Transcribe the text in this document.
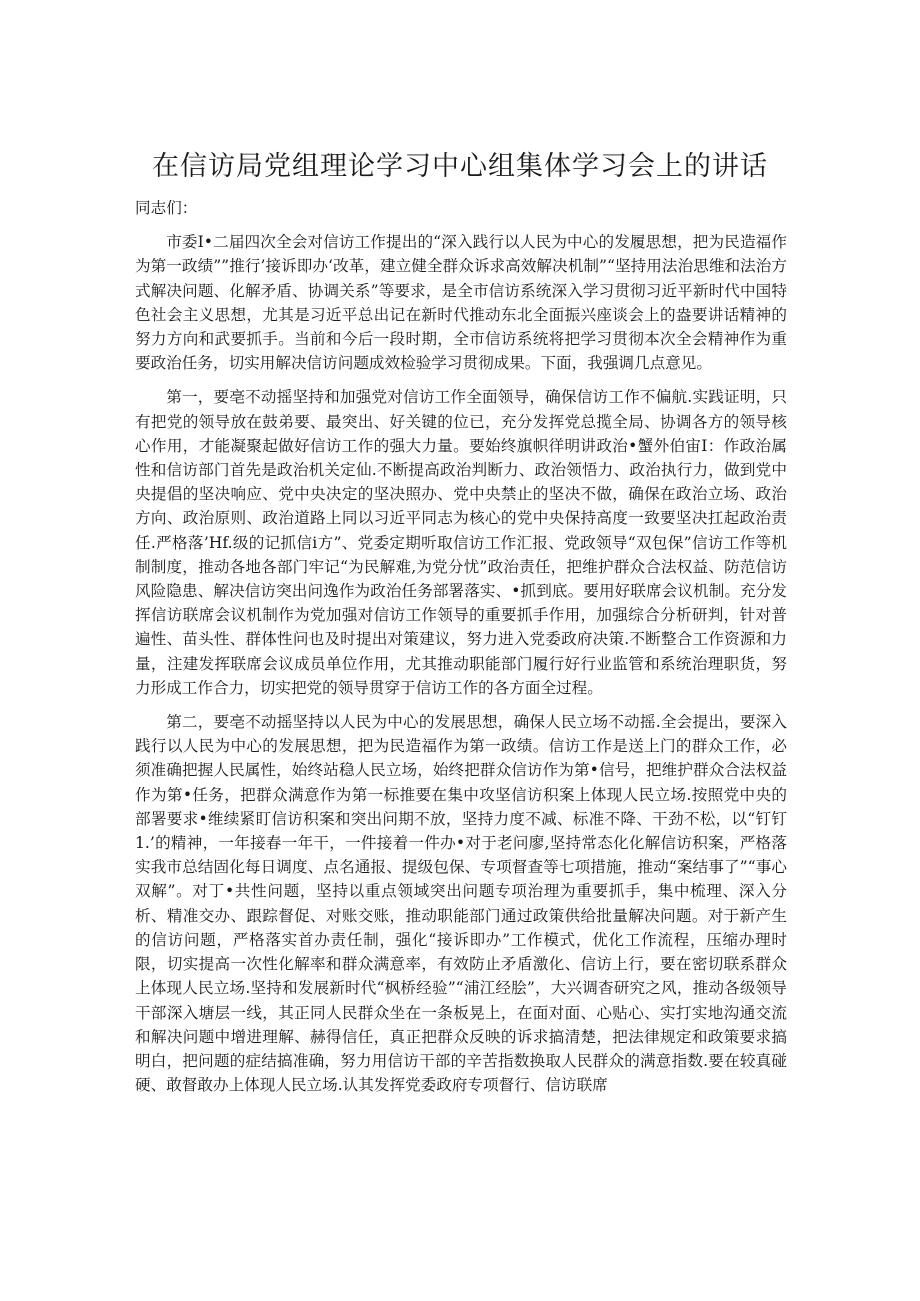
在信访局党组理论学习中心组集体学习会上的讲话

同志们：

市委I•二届四次全会对信访工作提出的“深入践行以人民为中心的发履思想，把为民造福作为第一政绩””推行’接诉即办‘改革，建立健全群众诉求高效解决机制”“坚持用法治思维和法治方式解决问题、化解矛盾、协调关系”等要求，是全市信访系统深入学习贯彻习近平新时代中国特色社会主义思想，尤其是习近平总出记在新时代推动东北全面振兴座谈会上的盎要讲话精神的努力方向和武要抓手。当前和今后一段时期，全市信访系统将把学习贯彻本次全会精神作为重要政治任务，切实用解决信访问题成效检验学习贯彻成果。下面，我强调几点意见。

第一，要亳不动摇坚持和加强党对信访工作全面领导，确保信访工作不偏航.实践证明，只有把党的领导放在鼓弟要、最突出、好关键的位已，充分发挥党总揽全局、协调各方的领导核心作用，才能凝聚起做好信访工作的强大力量。要始终旗帜徉明讲政治•蟹外伯宙I：作政治属性和信访部门首先是政治机关定仙.不断提高政治判断力、政治领悟力、政治执行力，做到党中央提倡的坚决响应、党中央决定的坚决照办、党中央禁止的坚决不做，确保在政治立场、政治方向、政治原则、政治道路上同以习近平同志为核心的党中央保持高度一致要坚决扛起政治责任.严格落’Hf.级的记抓信i方”、党委定期听取信访工作汇报、党政领导“双包保”信访工作等机制制度，推动各地各部门牢记“为民解难,为党分忧”政治责任，把维护群众合法权益、防范信访风险隐患、解决信访突出问逸作为政治任务部署落实、•抓到底。要用好联席会议机制。充分发挥信访联席会议机制作为党加强对信访工作领导的重要抓手作用，加强综合分析研判，针对普遍性、苗头性、群体性问也及时提出对策建议，努力进入党委政府决策.不断整合工作资源和力量，注建发挥联席会议成员单位作用，尤其推动职能部门履行好行业监管和系统治理职货，努力形成工作合力，切实把党的领导贯穿于信访工作的各方面全过程。

第二，要亳不动摇坚持以人民为中心的发展思想，确保人民立场不动摇.全会提出，要深入践行以人民为中心的发展思想，把为民造福作为第一政绩。信访工作是送上门的群众工作，必须准确把握人民属性，始终站稳人民立场，始终把群众信访作为第•信号，把维护群众合法权益作为第•任务，把群众满意作为第一标推要在集中攻坚信访积案上体现人民立场.按照党中央的部署要求•维续紧盯信访积案和突出问期不放，坚持力度不减、标准不降、干劲不松，以“钉钉1.’的精神，一年接春一年干，一件接着一件办•对于老问廖,坚持常态化化解信访积案，严格落实我市总结固化每日调度、点名通报、提级包保、专项督查等七项措施，推动“案结事了”“事心双解”。对丁•共性问题，坚持以重点领域突出问题专项治理为重要抓手，集中梳理、深入分析、精准交办、跟踪督促、对账交账，推动职能部门通过政策供给批量解决问题。对于新产生的信访问题，严格落实首办责任制，强化“接诉即办”工作模式，优化工作流程，压缩办理时限，切实提高一次性化解率和群众满意率，有效防止矛盾激化、信访上行，要在密切联系群众上体现人民立场.坚持和发展新时代“枫桥经验”“浦江经脍”，大兴调杳研究之风，推动各级领导干部深入塘层一线，其正同人民群众坐在一条板晃上，在面对面、心贴心、实打实地沟通交流和解决问题中增进理解、赫得信任，真正把群众反映的诉求搞清楚，把法律规定和政策要求搞明白，把问题的症结搞准确，努力用信访干部的辛苦指数换取人民群众的满意指数.要在较真碰硬、敢督敢办上体现人民立场.认其发挥党委政府专项督行、信访联席
